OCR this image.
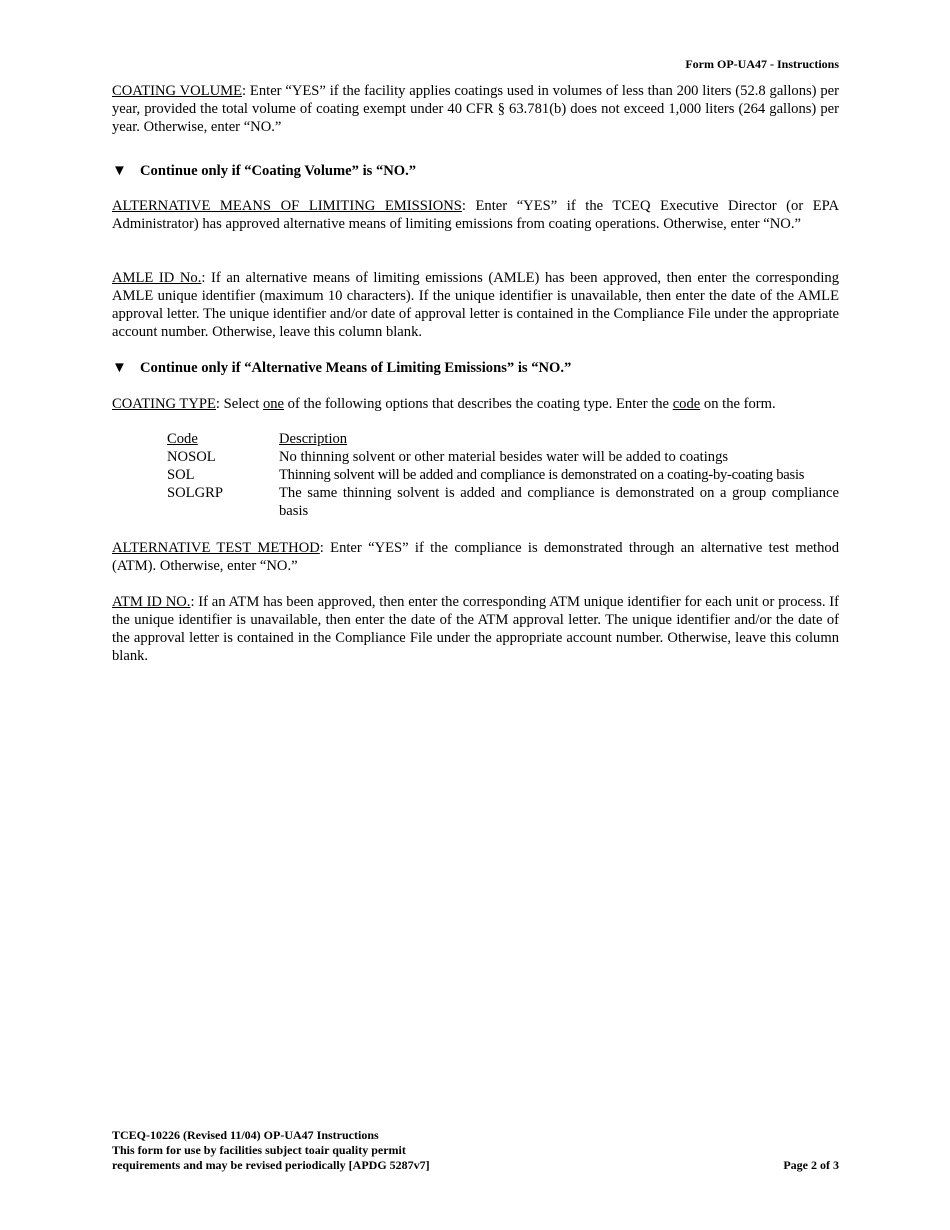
Form OP-UA47 - Instructions

COATING VOLUME: Enter “YES” if the facility applies coatings used in volumes of less than 200 liters (52.8 gallons) per year, provided the total volume of coating exempt under 40 CFR § 63.781(b) does not exceed 1,000 liters (264 gallons) per year. Otherwise, enter “NO.”

▼ Continue only if “Coating Volume” is “NO.”

ALTERNATIVE MEANS OF LIMITING EMISSIONS: Enter “YES” if the TCEQ Executive Director (or EPA Administrator) has approved alternative means of limiting emissions from coating operations. Otherwise, enter “NO.”

AMLE ID No.: If an alternative means of limiting emissions (AMLE) has been approved, then enter the corresponding AMLE unique identifier (maximum 10 characters). If the unique identifier is unavailable, then enter the date of the AMLE approval letter. The unique identifier and/or date of approval letter is contained in the Compliance File under the appropriate account number. Otherwise, leave this column blank.

▼ Continue only if “Alternative Means of Limiting Emissions” is “NO.”

COATING TYPE: Select one of the following options that describes the coating type. Enter the code on the form.

Code	Description
NOSOL	No thinning solvent or other material besides water will be added to coatings
SOL	Thinning solvent will be added and compliance is demonstrated on a coating-by-coating basis
SOLGRP	The same thinning solvent is added and compliance is demonstrated on a group compliance basis

ALTERNATIVE TEST METHOD: Enter “YES” if the compliance is demonstrated through an alternative test method (ATM). Otherwise, enter “NO.”

ATM ID NO.: If an ATM has been approved, then enter the corresponding ATM unique identifier for each unit or process. If the unique identifier is unavailable, then enter the date of the ATM approval letter. The unique identifier and/or the date of the approval letter is contained in the Compliance File under the appropriate account number. Otherwise, leave this column blank.

TCEQ-10226 (Revised 11/04) OP-UA47 Instructions
This form for use by facilities subject toair quality permit
requirements and may be revised periodically [APDG 5287v7]	Page 2 of 3
